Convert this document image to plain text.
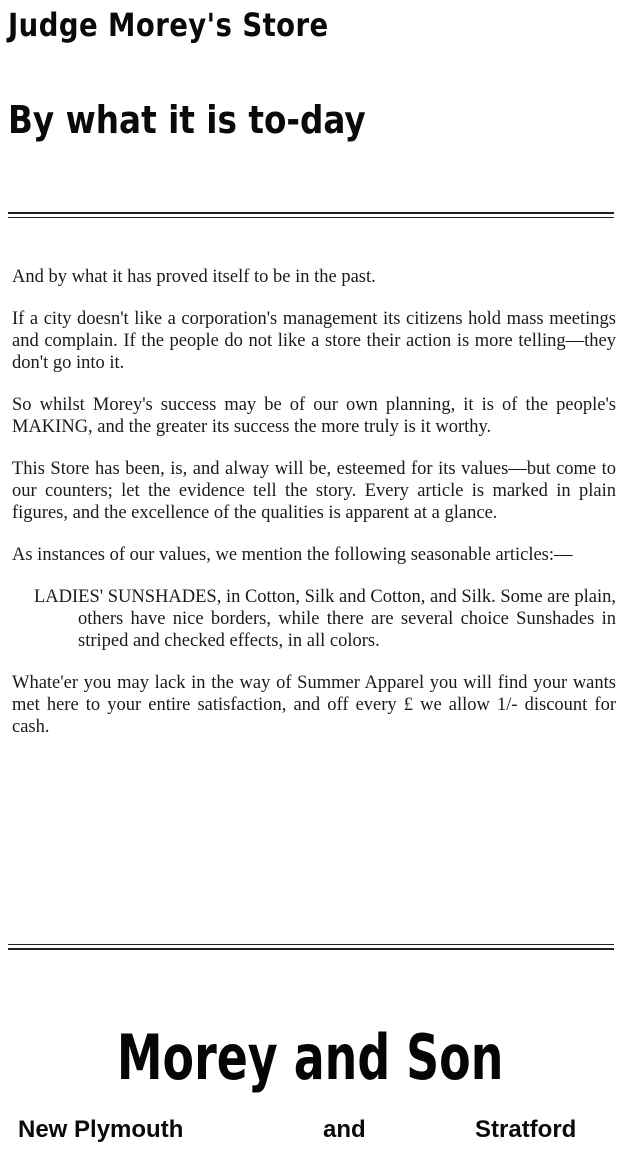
Judge Morey's Store
By what it is to-day

And by what it has proved itself to be in the past.

If a city doesn't like a corporation's management its citizens hold mass meetings and complain. If the people do not like a store their action is more telling—they don't go into it.

So whilst Morey's success may be of our own planning, it is of the people's MAKING, and the greater its success the more truly is it worthy.

This Store has been, is, and alway will be, esteemed for its values—but come to our counters; let the evidence tell the story. Every article is marked in plain figures, and the excellence of the qualities is apparent at a glance.

As instances of our values, we mention the following seasonable articles:—

LADIES' SUNSHADES, in Cotton, Silk and Cotton, and Silk. Some are plain, others have nice borders, while there are several choice Sunshades in striped and checked effects, in all colors.

Whate'er you may lack in the way of Summer Apparel you will find your wants met here to your entire satisfaction, and off every £ we allow 1/- discount for cash.

Morey and Son
New Plymouth	and	Stratford
